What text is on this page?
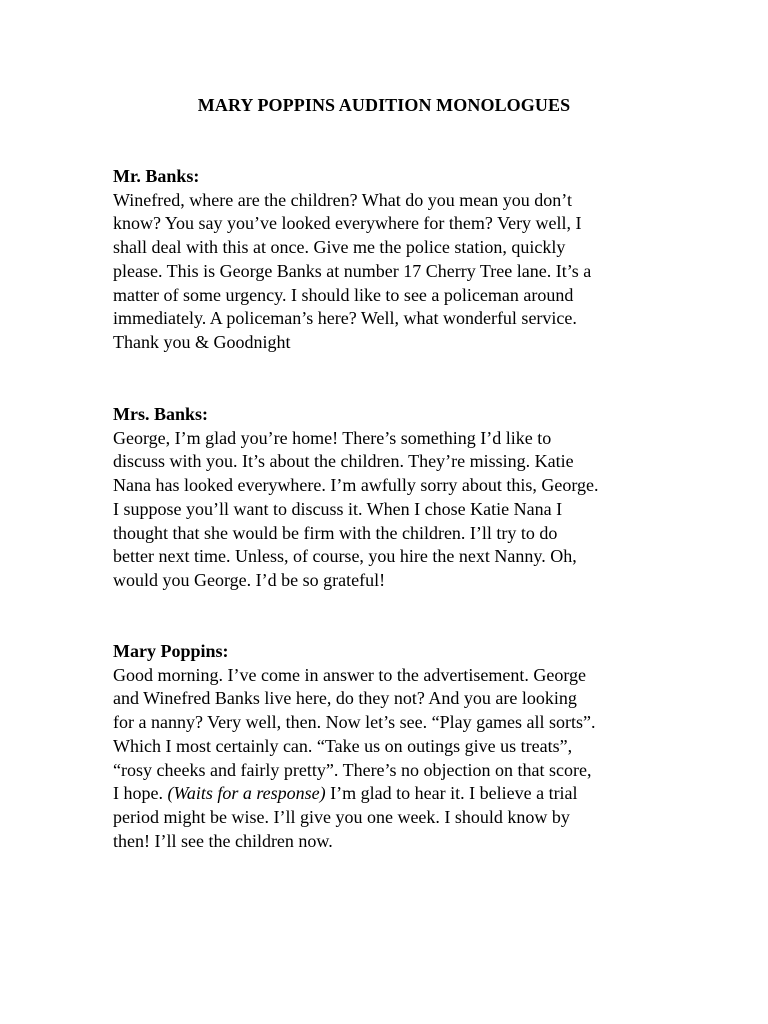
MARY POPPINS AUDITION MONOLOGUES
Mr. Banks:
Winefred, where are the children? What do you mean you don’t
know? You say you’ve looked everywhere for them? Very well, I
shall deal with this at once. Give me the police station, quickly
please. This is George Banks at number 17 Cherry Tree lane. It’s a
matter of some urgency. I should like to see a policeman around
immediately. A policeman’s here? Well, what wonderful service.
Thank you & Goodnight
Mrs. Banks:
George, I’m glad you’re home! There’s something I’d like to
discuss with you. It’s about the children. They’re missing. Katie
Nana has looked everywhere. I’m awfully sorry about this, George.
I suppose you’ll want to discuss it. When I chose Katie Nana I
thought that she would be firm with the children. I’ll try to do
better next time. Unless, of course, you hire the next Nanny. Oh,
would you George. I’d be so grateful!
Mary Poppins:
Good morning. I’ve come in answer to the advertisement. George
and Winefred Banks live here, do they not? And you are looking
for a nanny? Very well, then. Now let’s see. “Play games all sorts”.
Which I most certainly can. “Take us on outings give us treats”,
“rosy cheeks and fairly pretty”. There’s no objection on that score,
I hope. (Waits for a response) I’m glad to hear it. I believe a trial
period might be wise. I’ll give you one week. I should know by
then! I’ll see the children now.
